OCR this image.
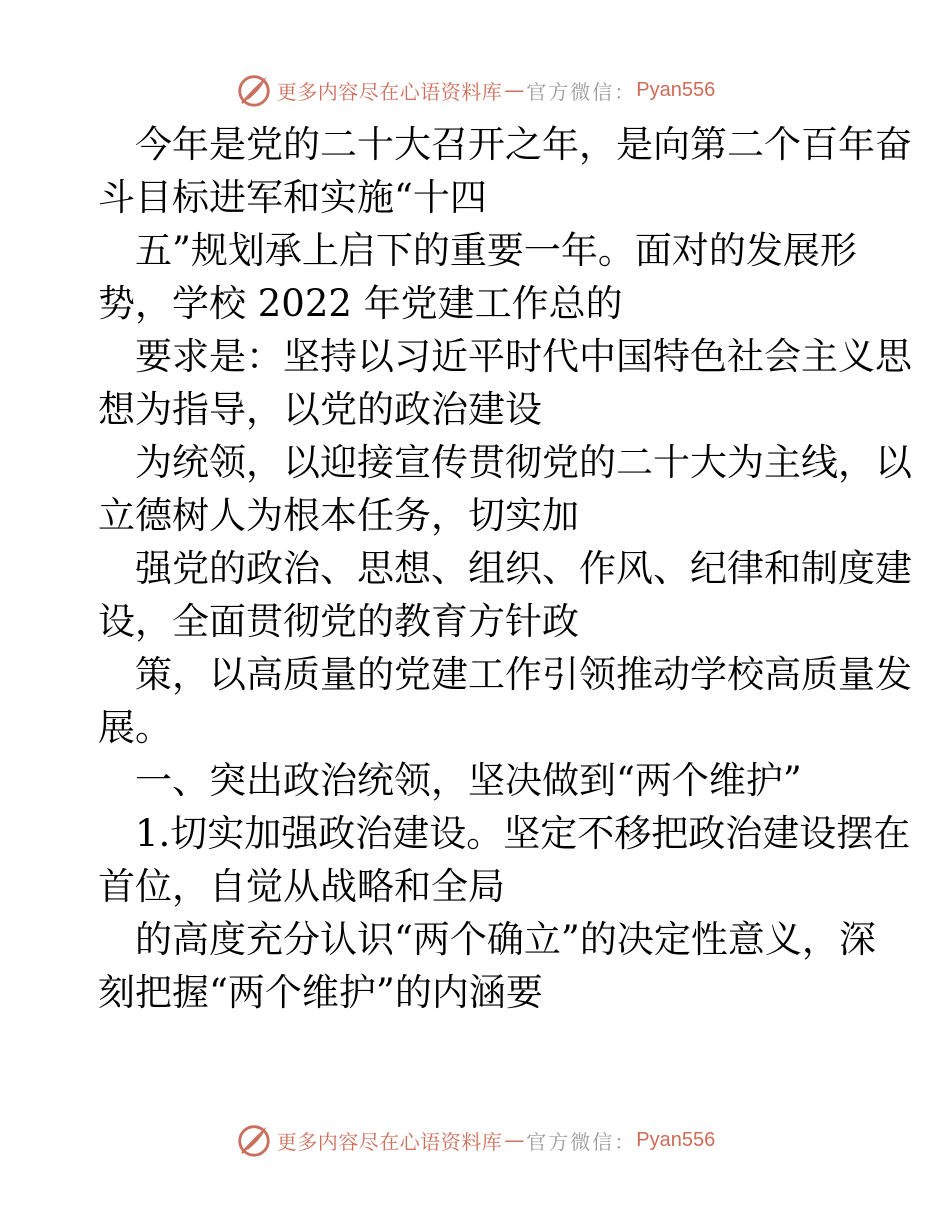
更多内容尽在心语资料库 — 官方微信： Pyan556
今年是党的二十大召开之年，是向第二个百年奋
斗目标进军和实施“十四
五”规划承上启下的重要一年。面对的发展形
势，学校 2022 年党建工作总的
要求是：坚持以习近平时代中国特色社会主义思
想为指导，以党的政治建设
为统领，以迎接宣传贯彻党的二十大为主线，以
立德树人为根本任务，切实加
强党的政治、思想、组织、作风、纪律和制度建
设，全面贯彻党的教育方针政
策，以高质量的党建工作引领推动学校高质量发
展。
一、突出政治统领，坚决做到“两个维护”
1.切实加强政治建设。坚定不移把政治建设摆在
首位，自觉从战略和全局
的高度充分认识“两个确立”的决定性意义，深
刻把握“两个维护”的内涵要
更多内容尽在心语资料库 — 官方微信： Pyan556
